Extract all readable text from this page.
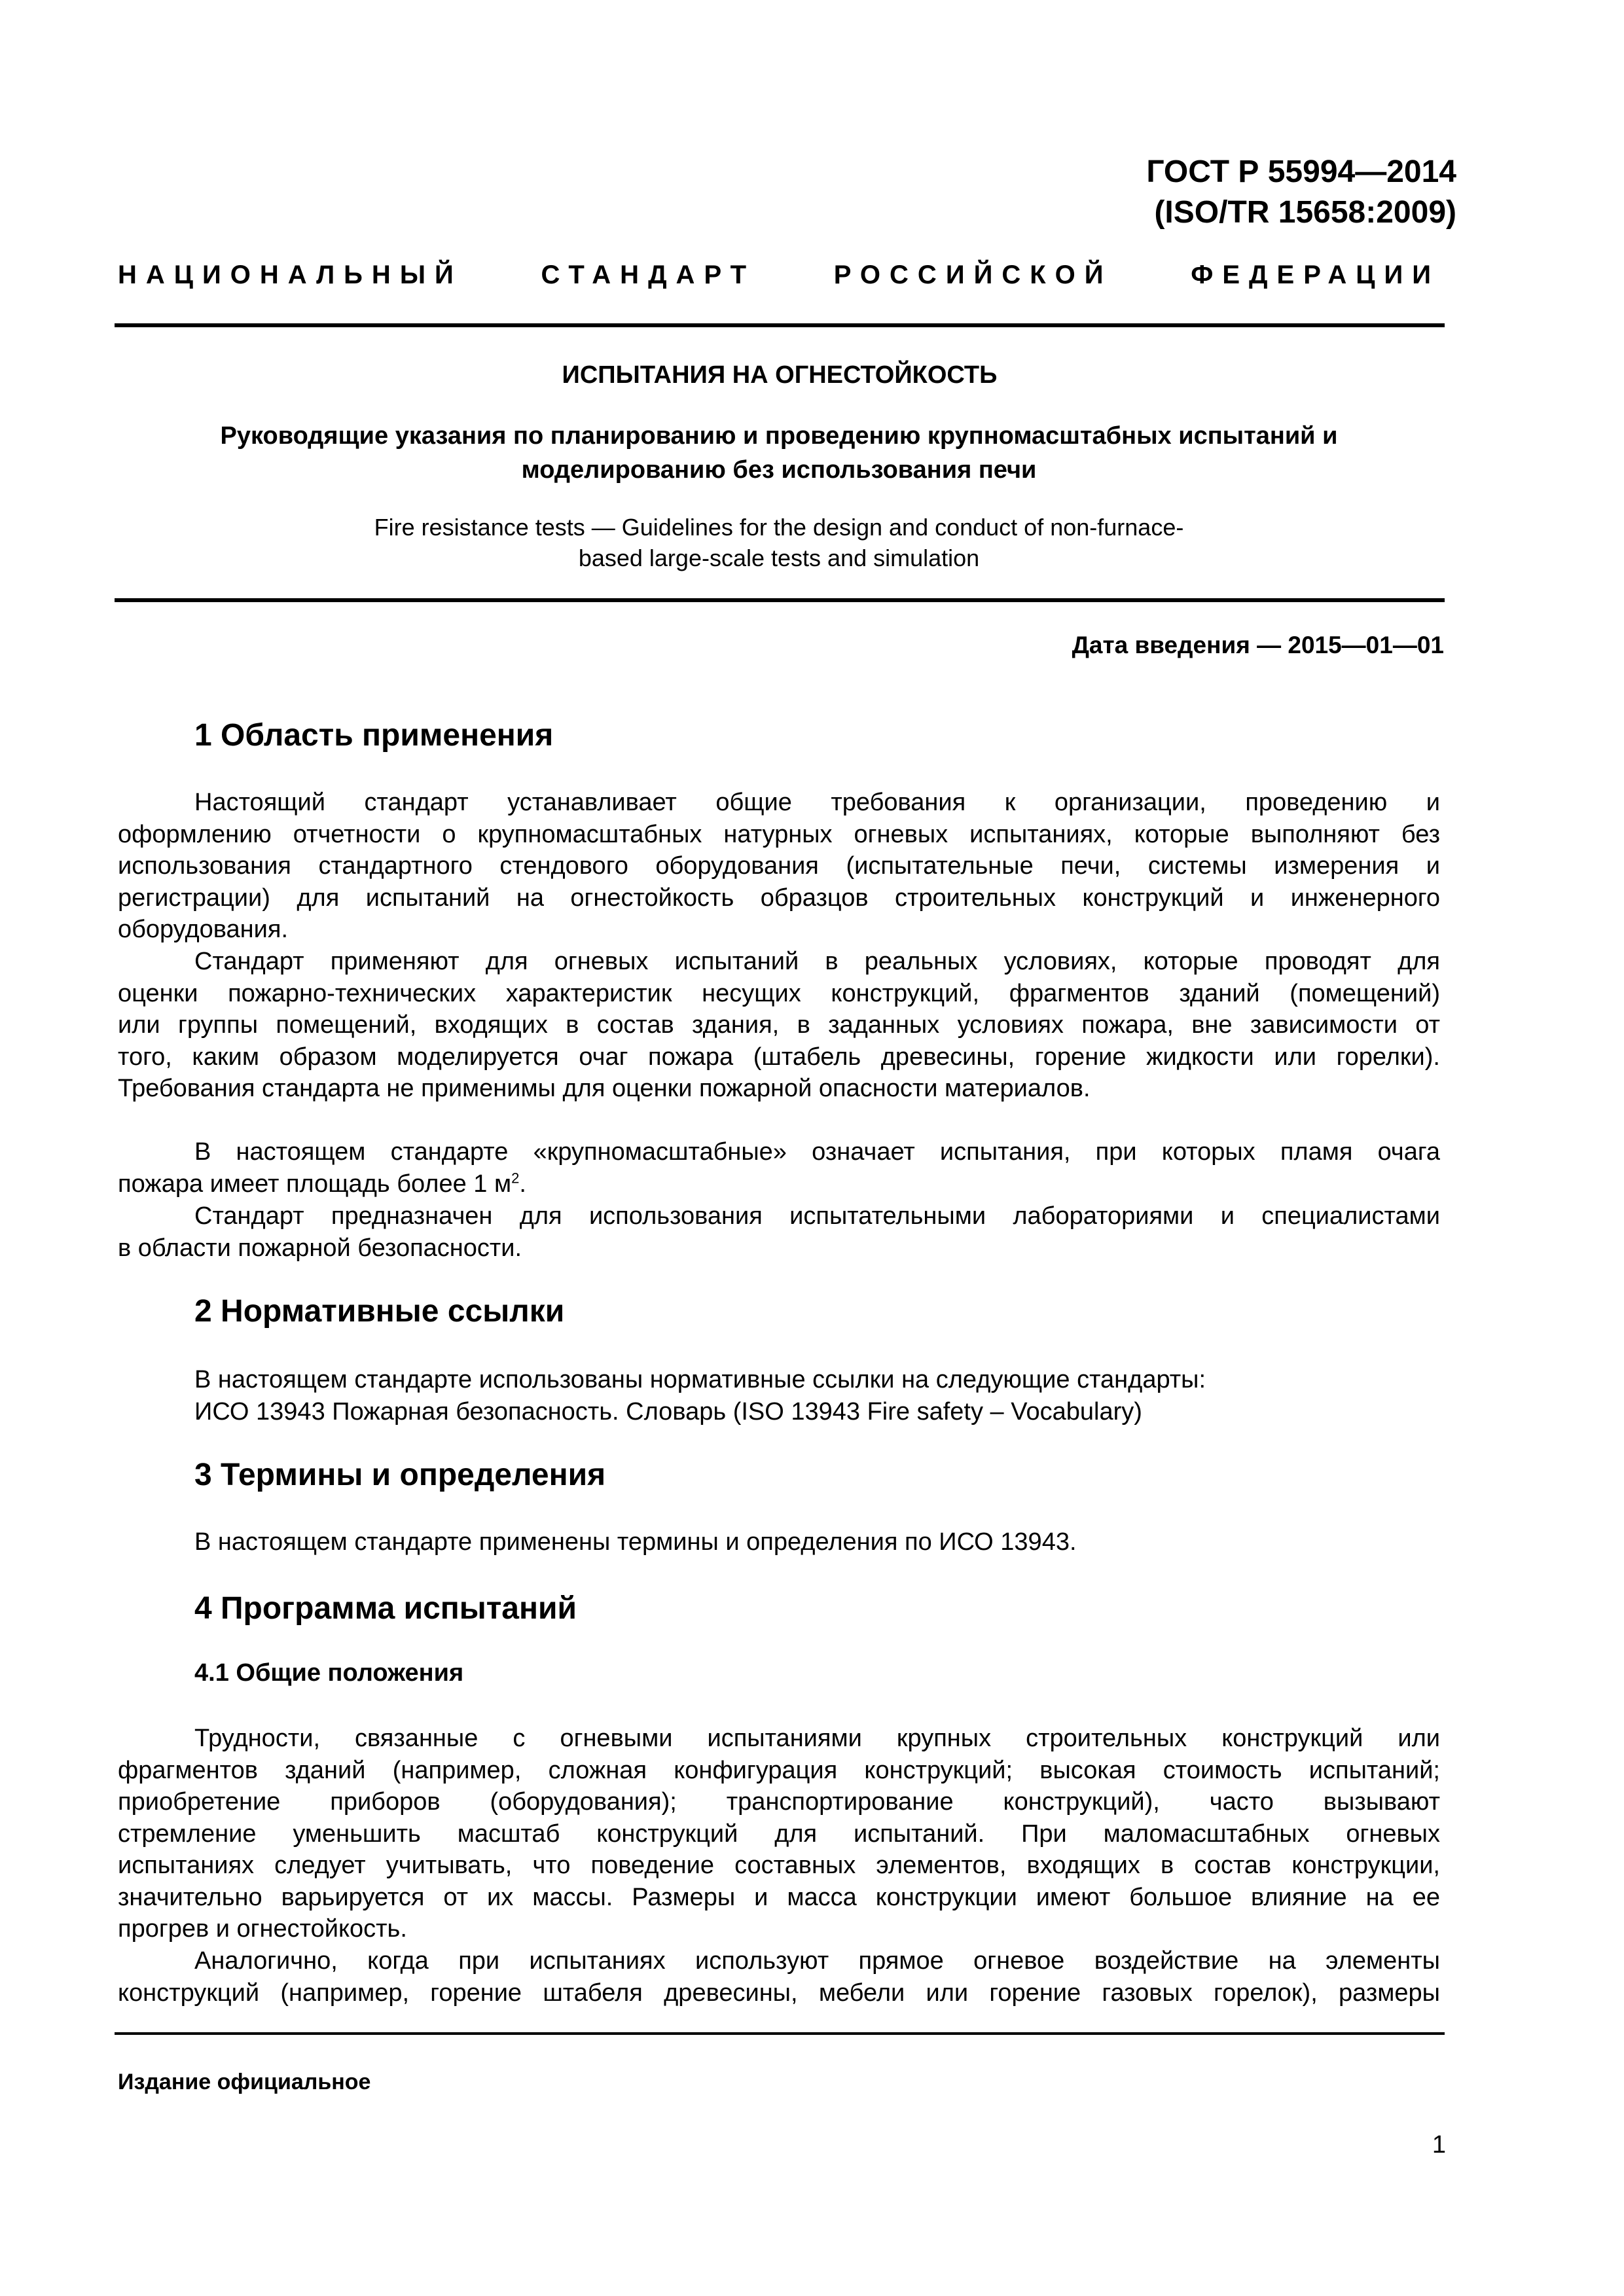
ГОСТ Р 55994—2014
(ISO/TR 15658:2009)
НАЦИОНАЛЬНЫЙ	СТАНДАРТ	РОССИЙСКОЙ	ФЕДЕРАЦИИ
ИСПЫТАНИЯ НА ОГНЕСТОЙКОСТЬ
Руководящие указания по планированию и проведению крупномасштабных испытаний и
моделированию без использования печи
Fire resistance tests — Guidelines for the design and conduct of non-furnace-
based large-scale tests and simulation
Дата введения — 2015—01—01
1 Область применения
Настоящий стандарт устанавливает общие требования к организации, проведению и
оформлению отчетности о крупномасштабных натурных огневых испытаниях, которые выполняют без
использования стандартного стендового оборудования (испытательные печи, системы измерения и
регистрации) для испытаний на огнестойкость образцов строительных конструкций и инженерного
оборудования.
Стандарт применяют для огневых испытаний в реальных условиях, которые проводят для
оценки пожарно-технических характеристик несущих конструкций, фрагментов зданий (помещений)
или группы помещений, входящих в состав здания, в заданных условиях пожара, вне зависимости от
того, каким образом моделируется очаг пожара (штабель древесины, горение жидкости или горелки).
Требования стандарта не применимы для оценки пожарной опасности материалов.
В настоящем стандарте «крупномасштабные» означает испытания, при которых пламя очага
пожара имеет площадь более 1 $м^2$.
Стандарт предназначен для использования испытательными лабораториями и специалистами
в области пожарной безопасности.
2 Нормативные ссылки
В настоящем стандарте использованы нормативные ссылки на следующие стандарты:
ИСО 13943 Пожарная безопасность. Словарь (ISO 13943 Fire safety – Vocabulary)
3 Термины и определения
В настоящем стандарте применены термины и определения по ИСО 13943.
4 Программа испытаний
4.1 Общие положения
Трудности, связанные с огневыми испытаниями крупных строительных конструкций или
фрагментов зданий (например, сложная конфигурация конструкций; высокая стоимость испытаний;
приобретение приборов (оборудования); транспортирование конструкций), часто вызывают
стремление уменьшить масштаб конструкций для испытаний. При маломасштабных огневых
испытаниях следует учитывать, что поведение составных элементов, входящих в состав конструкции,
значительно варьируется от их массы. Размеры и масса конструкции имеют большое влияние на ее
прогрев и огнестойкость.
Аналогично, когда при испытаниях используют прямое огневое воздействие на элементы
конструкций (например, горение штабеля древесины, мебели или горение газовых горелок), размеры
Издание официальное
1
